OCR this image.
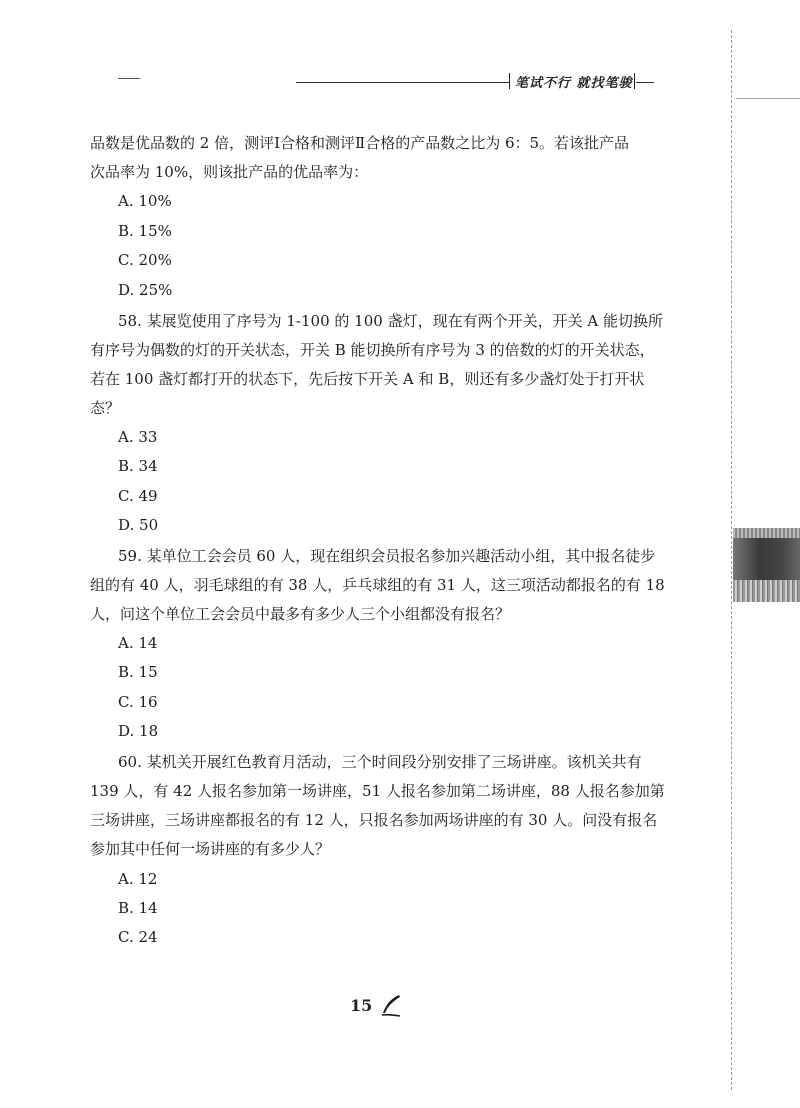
笔试不行 就找笔骏
品数是优品数的 2 倍，测评Ⅰ合格和测评Ⅱ合格的产品数之比为 6：5。若该批产品
次品率为 10%，则该批产品的优品率为：
A. 10%
B. 15%
C. 20%
D. 25%
58. 某展览使用了序号为 1-100 的 100 盏灯，现在有两个开关，开关 A 能切换所
有序号为偶数的灯的开关状态，开关 B 能切换所有序号为 3 的倍数的灯的开关状态，
若在 100 盏灯都打开的状态下，先后按下开关 A 和 B，则还有多少盏灯处于打开状
态？
A. 33
B. 34
C. 49
D. 50
59. 某单位工会会员 60 人，现在组织会员报名参加兴趣活动小组，其中报名徒步
组的有 40 人，羽毛球组的有 38 人，乒乓球组的有 31 人，这三项活动都报名的有 18
人，问这个单位工会会员中最多有多少人三个小组都没有报名？
A. 14
B. 15
C. 16
D. 18
60. 某机关开展红色教育月活动，三个时间段分别安排了三场讲座。该机关共有
139 人，有 42 人报名参加第一场讲座，51 人报名参加第二场讲座，88 人报名参加第
三场讲座，三场讲座都报名的有 12 人，只报名参加两场讲座的有 30 人。问没有报名
参加其中任何一场讲座的有多少人？
A. 12
B. 14
C. 24
15
